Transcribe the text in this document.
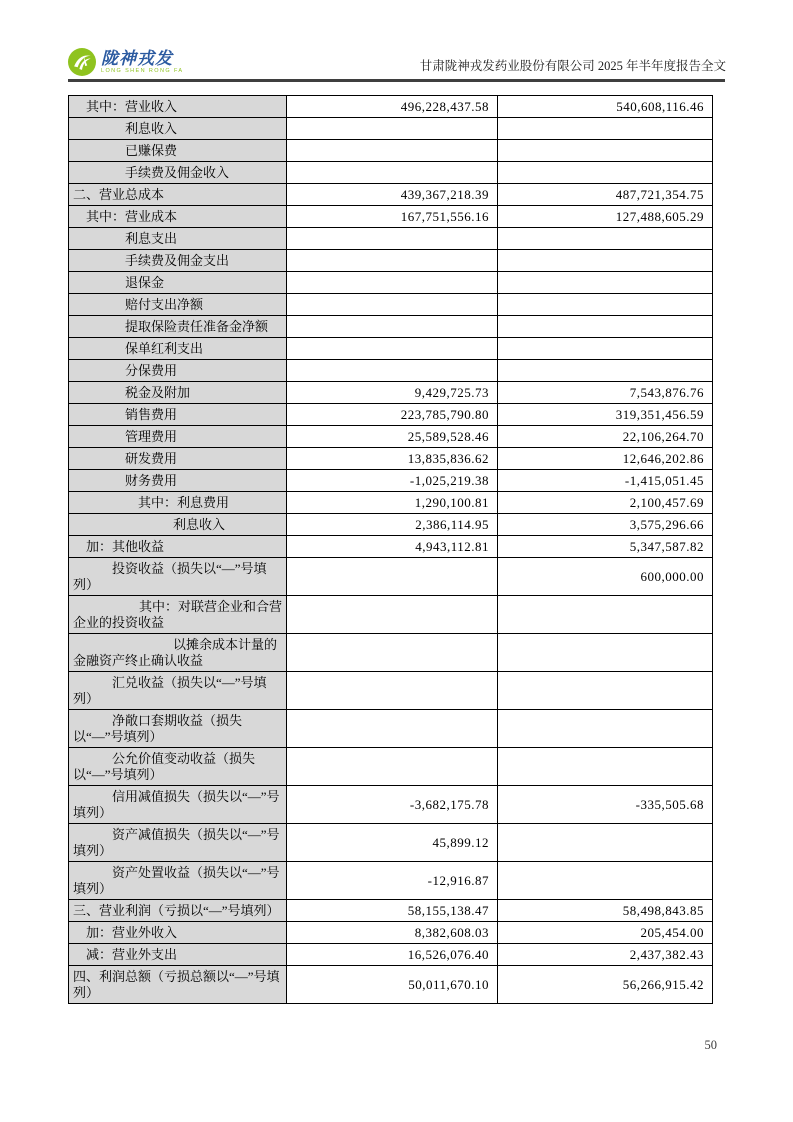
陇神戎发
LONG SHEN RONG FA	甘肃陇神戎发药业股份有限公司 2025 年半年度报告全文
其中：营业收入	496,228,437.58	540,608,116.46
利息收入		
已赚保费		
手续费及佣金收入		
二、营业总成本	439,367,218.39	487,721,354.75
其中：营业成本	167,751,556.16	127,488,605.29
利息支出		
手续费及佣金支出		
退保金		
赔付支出净额		
提取保险责任准备金净额		
保单红利支出		
分保费用		
税金及附加	9,429,725.73	7,543,876.76
销售费用	223,785,790.80	319,351,456.59
管理费用	25,589,528.46	22,106,264.70
研发费用	13,835,836.62	12,646,202.86
财务费用	-1,025,219.38	-1,415,051.45
其中：利息费用	1,290,100.81	2,100,457.69
利息收入	2,386,114.95	3,575,296.66
加：其他收益	4,943,112.81	5,347,587.82
投资收益（损失以“—”号填列）		600,000.00
其中：对联营企业和合营企业的投资收益		
以摊余成本计量的金融资产终止确认收益		
汇兑收益（损失以“—”号填列）		
净敞口套期收益（损失以“—”号填列）		
公允价值变动收益（损失以“—”号填列）		
信用减值损失（损失以“—”号填列）	-3,682,175.78	-335,505.68
资产减值损失（损失以“—”号填列）	45,899.12	
资产处置收益（损失以“—”号填列）	-12,916.87	
三、营业利润（亏损以“—”号填列）	58,155,138.47	58,498,843.85
加：营业外收入	8,382,608.03	205,454.00
减：营业外支出	16,526,076.40	2,437,382.43
四、利润总额（亏损总额以“—”号填列）	50,011,670.10	56,266,915.42
50
